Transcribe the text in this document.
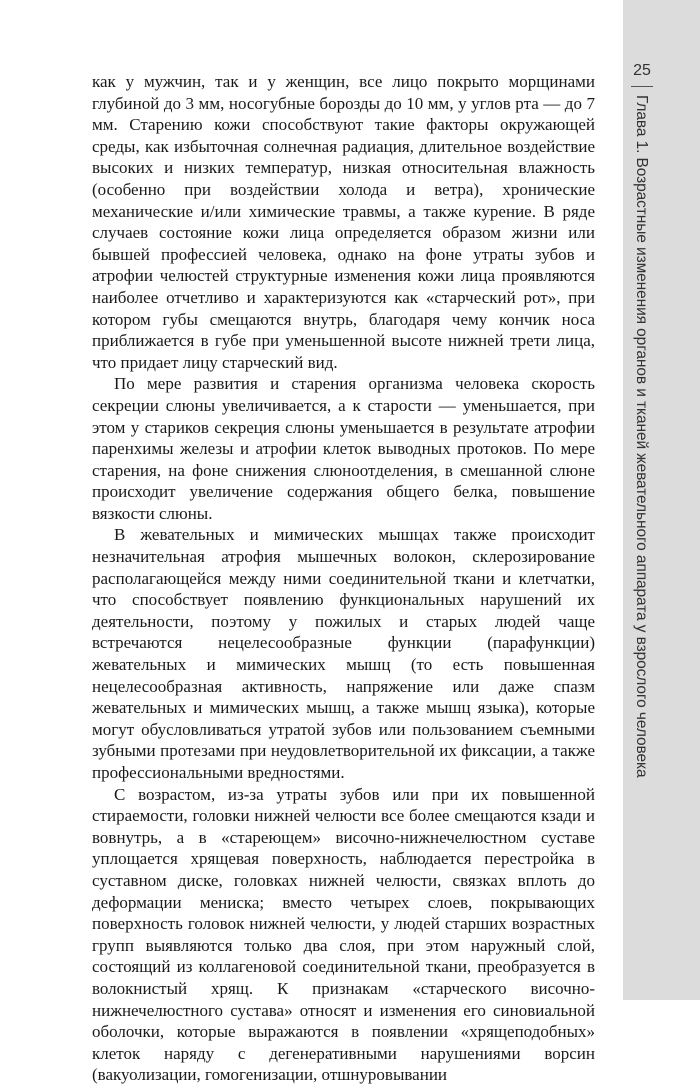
25
Глава 1. Возрастные изменения органов и тканей жевательного аппарата у взрослого человека

как у мужчин, так и у женщин, все лицо покрыто морщинами глубиной до 3 мм, носогубные борозды до 10 мм, у углов рта — до 7 мм. Старению кожи способствуют такие факторы окружающей среды, как избыточная солнечная радиация, длительное воздействие высоких и низких температур, низкая относительная влажность (особенно при воздействии холода и ветра), хронические механические и/или химические травмы, а также курение. В ряде случаев состояние кожи лица определяется образом жизни или бывшей профессией человека, однако на фоне утраты зубов и атрофии челюстей структурные изменения кожи лица проявляются наиболее отчетливо и характеризуются как «старческий рот», при котором губы смещаются внутрь, благодаря чему кончик носа приближается в губе при уменьшенной высоте нижней трети лица, что придает лицу старческий вид.

По мере развития и старения организма человека скорость секреции слюны увеличивается, а к старости — уменьшается, при этом у стариков секреция слюны уменьшается в результате атрофии паренхимы железы и атрофии клеток выводных протоков. По мере старения, на фоне снижения слюноотделения, в смешанной слюне происходит увеличение содержания общего белка, повышение вязкости слюны.

В жевательных и мимических мышцах также происходит незначительная атрофия мышечных волокон, склерозирование располагающейся между ними соединительной ткани и клетчатки, что способствует появлению функциональных нарушений их деятельности, поэтому у пожилых и старых людей чаще встречаются нецелесообразные функции (парафункции) жевательных и мимических мышц (то есть повышенная нецелесообразная активность, напряжение или даже спазм жевательных и мимических мышц, а также мышц языка), которые могут обусловливаться утратой зубов или пользованием съемными зубными протезами при неудовлетворительной их фиксации, а также профессиональными вредностями.

С возрастом, из-за утраты зубов или при их повышенной стираемости, головки нижней челюсти все более смещаются кзади и вовнутрь, а в «стареющем» височно-нижнечелюстном суставе уплощается хрящевая поверхность, наблюдается перестройка в суставном диске, головках нижней челюсти, связках вплоть до деформации мениска; вместо четырех слоев, покрывающих поверхность головок нижней челюсти, у людей старших возрастных групп выявляются только два слоя, при этом наружный слой, состоящий из коллагеновой соединительной ткани, преобразуется в волокнистый хрящ. К признакам «старческого височно-нижнечелюстного сустава» относят и изменения его синовиальной оболочки, которые выражаются в появлении «хрящеподобных» клеток наряду с дегенеративными нарушениями ворсин (вакуолизации, гомогенизации, отшнуровывании
